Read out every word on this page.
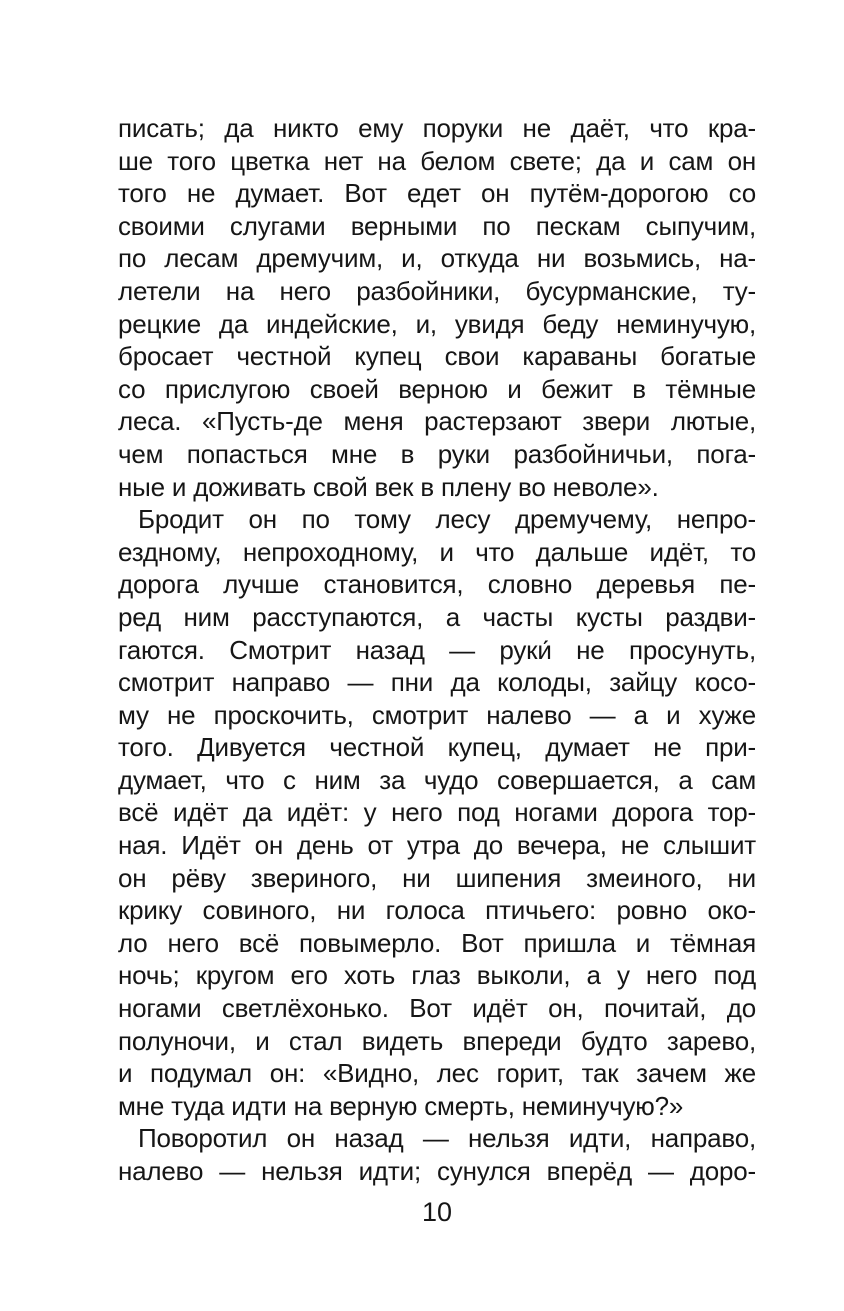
писать; да никто ему поруки не даёт, что кра-
ше того цветка нет на белом свете; да и сам он
того не думает. Вот едет он путём-дорогою со
своими слугами верными по пескам сыпучим,
по лесам дремучим, и, откуда ни возьмись, на-
летели на него разбойники, бусурманские, ту-
рецкие да индейские, и, увидя беду неминучую,
бросает честной купец свои караваны богатые
со прислугою своей верною и бежит в тёмные
леса. «Пусть-де меня растерзают звери лютые,
чем попасться мне в руки разбойничьи, пога-
ные и доживать свой век в плену во неволе».
Бродит он по тому лесу дремучему, непро-
ездному, непроходному, и что дальше идёт, то
дорога лучше становится, словно деревья пе-
ред ним расступаются, а часты кусты раздви-
гаются. Смотрит назад — руки́ не просунуть,
смотрит направо — пни да колоды, зайцу косо-
му не проскочить, смотрит налево — а и хуже
того. Дивуется честной купец, думает не при-
думает, что с ним за чудо совершается, а сам
всё идёт да идёт: у него под ногами дорога тор-
ная. Идёт он день от утра до вечера, не слышит
он рёву звериного, ни шипения змеиного, ни
крику совиного, ни голоса птичьего: ровно око-
ло него всё повымерло. Вот пришла и тёмная
ночь; кругом его хоть глаз выколи, а у него под
ногами светлёхонько. Вот идёт он, почитай, до
полуночи, и стал видеть впереди будто зарево,
и подумал он: «Видно, лес горит, так зачем же
мне туда идти на верную смерть, неминучую?»
Поворотил он назад — нельзя идти, направо,
налево — нельзя идти; сунулся вперёд — доро-
10
